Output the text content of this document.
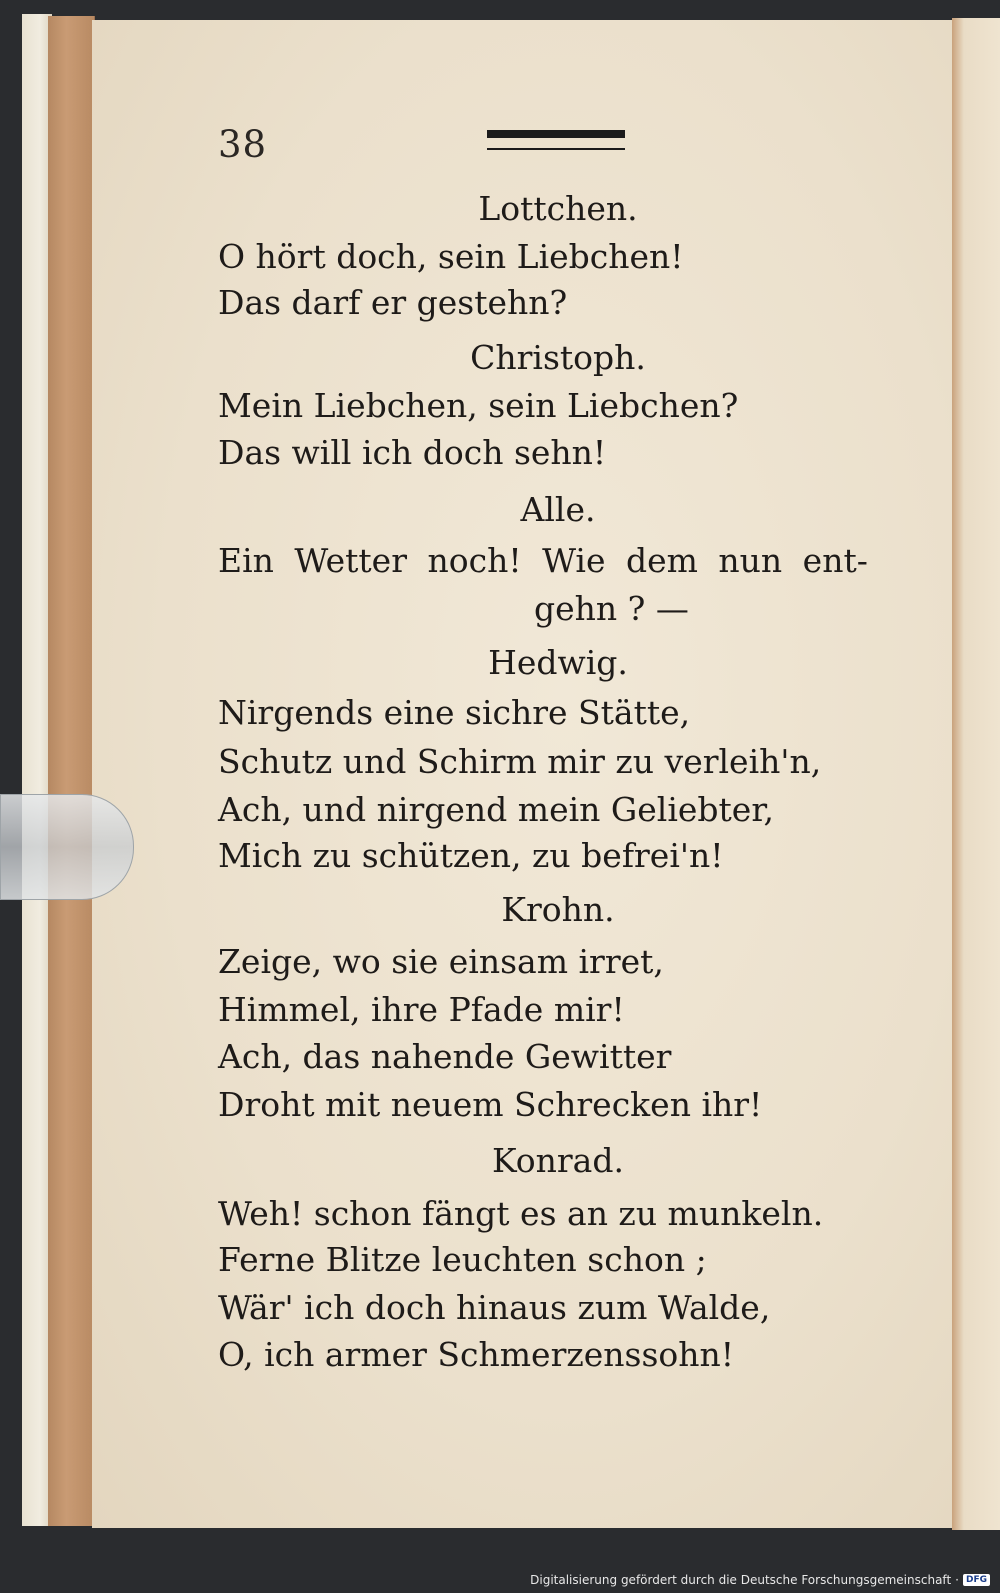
38
Lottchen.
O hört doch, sein Liebchen!
Das darf er gestehn?
Christoph.
Mein Liebchen, sein Liebchen?
Das will ich doch sehn!
Alle.
Ein Wetter noch! Wie dem nun ent-
gehn ? —
Hedwig.
Nirgends eine sichre Stätte,
Schutz und Schirm mir zu verleih'n,
Ach, und nirgend mein Geliebter,
Mich zu schützen, zu befrei'n!
Krohn.
Zeige, wo sie einsam irret,
Himmel, ihre Pfade mir!
Ach, das nahende Gewitter
Droht mit neuem Schrecken ihr!
Konrad.
Weh! schon fängt es an zu munkeln.
Ferne Blitze leuchten schon ;
Wär' ich doch hinaus zum Walde,
O, ich armer Schmerzenssohn!
Digitalisierung gefördert durch die Deutsche Forschungsgemeinschaft · DFG
